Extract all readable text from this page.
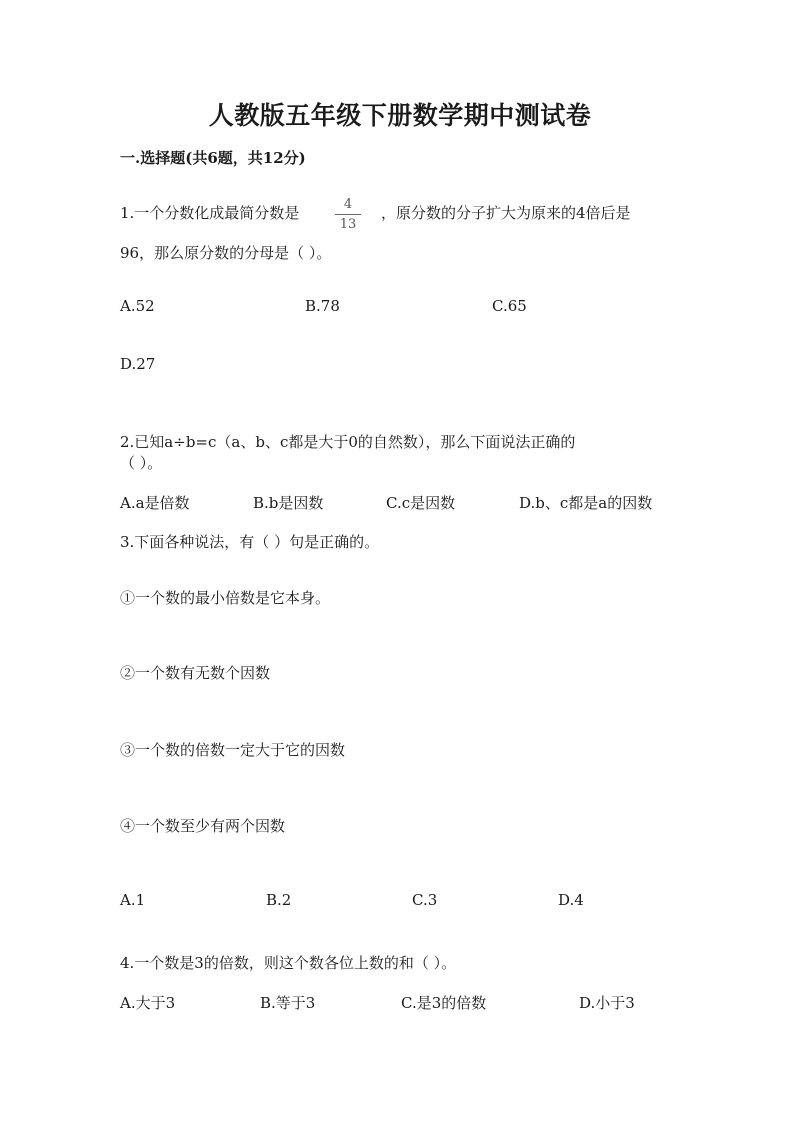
人教版五年级下册数学期中测试卷
一.选择题(共6题，共12分)
1.一个分数化成最简分数是	4
13
，原分数的分子扩大为原来的4倍后是
96，那么原分数的分母是（ ）。
A.52	B.78	C.65
D.27
2.已知a÷b=c（a、b、c都是大于0的自然数），那么下面说法正确的
（ ）。
A.a是倍数	B.b是因数	C.c是因数	D.b、c都是a的因数
3.下面各种说法，有（ ）句是正确的。
①一个数的最小倍数是它本身。
②一个数有无数个因数
③一个数的倍数一定大于它的因数
④一个数至少有两个因数
A.1	B.2	C.3	D.4
4.一个数是3的倍数，则这个数各位上数的和（ ）。
A.大于3	B.等于3	C.是3的倍数	D.小于3
